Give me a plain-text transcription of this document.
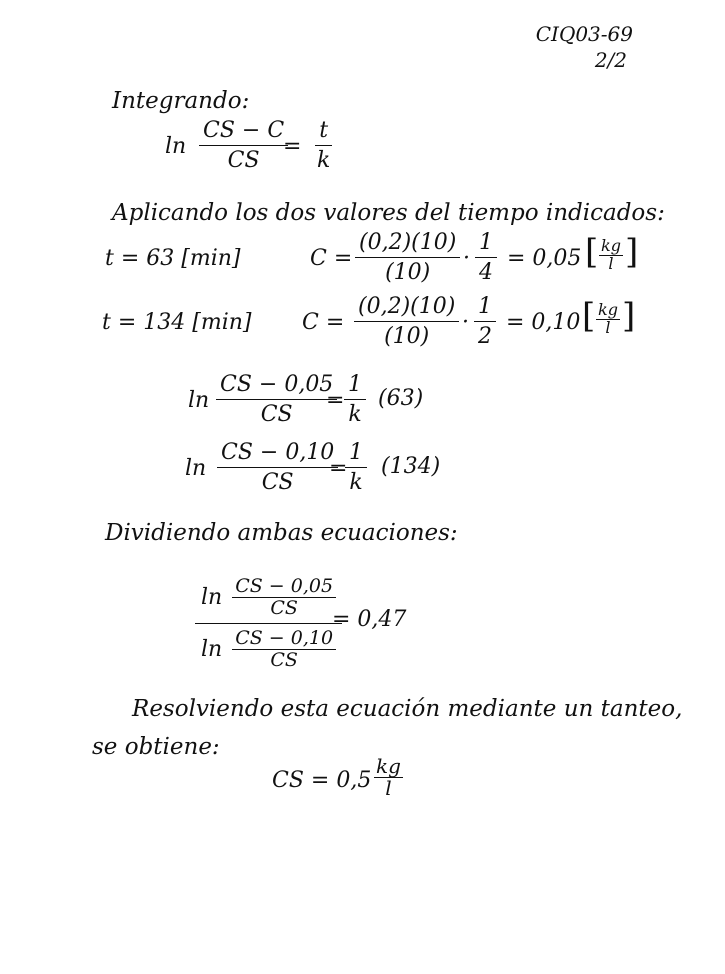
CIQ03-69
2/2
Integrando:
$\ln \frac{CS - C}{CS}$
= $\frac{t}{k}$
Aplicando los dos valores del tiempo indicados:
t = 63 [min]	$C = \frac{(0,2)(10)}{(10)} \cdot \frac{1}{4} = 0,05$ [ $\frac{kg}{l}$ ]
t = 134 [min] $C = \frac{(0,2)(10)}{(10)} \cdot \frac{1}{2} = 0,10$ [ $\frac{kg}{l}$ ]
$\ln \frac{CS - 0,05}{CS}$
= $\frac{1}{k} (63)$
$\ln \frac{CS - 0,10}{CS}$
=
$\frac{1}{k} (134)$
Dividiendo ambas ecuaciones:
$\frac{\ln \frac{CS - 0,05}{CS}}{\ln \frac{CS - 0,10}{CS}}$
= 0,47
Resolviendo esta ecuación mediante un tanteo,
se obtiene:
CS = $0,5 \frac{kg}{l}$
